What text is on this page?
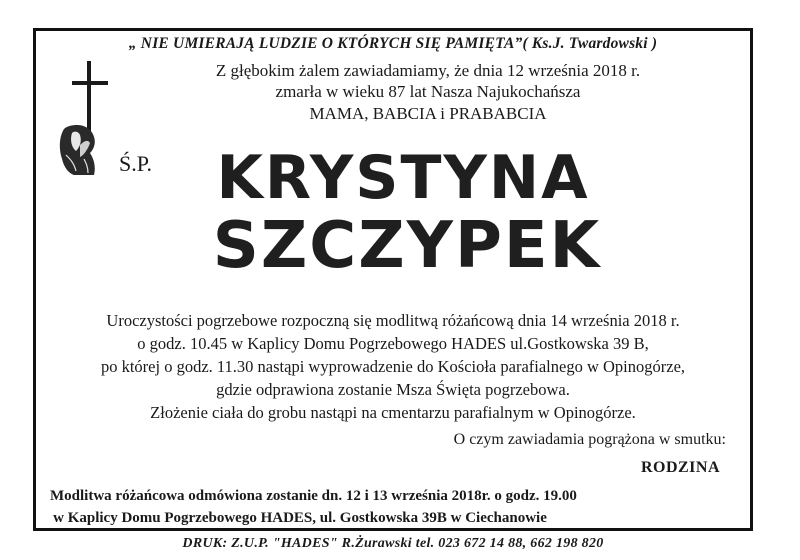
„ NIE UMIERAJĄ LUDZIE O KTÓRYCH SIĘ PAMIĘTA”( Ks.J. Twardowski )
Z głębokim żalem zawiadamiamy, że dnia 12 września 2018 r.
zmarła w wieku 87 lat Nasza Najukochańsza
MAMA, BABCIA i PRABABCIA
Ś.P.	KRYSTYNA
SZCZYPEK
Uroczystości pogrzebowe rozpoczną się modlitwą różańcową dnia 14 września 2018 r.
o godz. 10.45 w Kaplicy Domu Pogrzebowego HADES ul.Gostkowska 39 B,
po której o godz. 11.30 nastąpi wyprowadzenie do Kościoła parafialnego w Opinogórze,
gdzie odprawiona zostanie Msza Święta pogrzebowa.
Złożenie ciała do grobu nastąpi na cmentarzu parafialnym w Opinogórze.
O czym zawiadamia pogrążona w smutku:
RODZINA
Modlitwa różańcowa odmówiona zostanie dn. 12 i 13 września 2018r. o godz. 19.00
w Kaplicy Domu Pogrzebowego HADES, ul. Gostkowska 39B w Ciechanowie
DRUK: Z.U.P. "HADES" R.Żurawski tel. 023 672 14 88, 662 198 820
